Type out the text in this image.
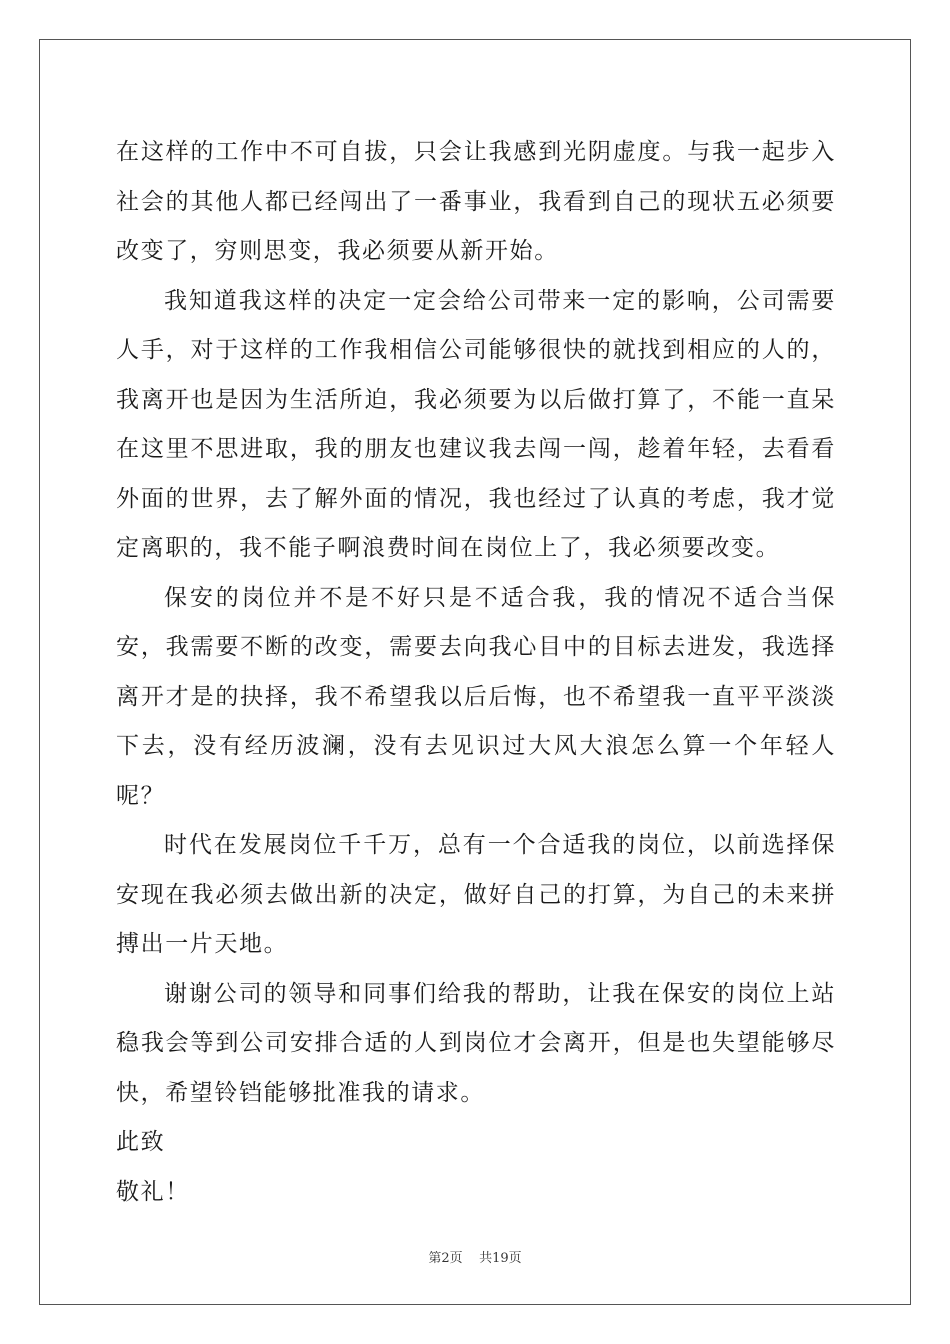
在这样的工作中不可自拔，只会让我感到光阴虚度。与我一起步入社会的其他人都已经闯出了一番事业，我看到自己的现状五必须要改变了，穷则思变，我必须要从新开始。

我知道我这样的决定一定会给公司带来一定的影响，公司需要人手，对于这样的工作我相信公司能够很快的就找到相应的人的，我离开也是因为生活所迫，我必须要为以后做打算了，不能一直呆在这里不思进取，我的朋友也建议我去闯一闯，趁着年轻，去看看外面的世界，去了解外面的情况，我也经过了认真的考虑，我才觉定离职的，我不能子啊浪费时间在岗位上了，我必须要改变。

保安的岗位并不是不好只是不适合我，我的情况不适合当保安，我需要不断的改变，需要去向我心目中的目标去进发，我选择离开才是的抉择，我不希望我以后后悔，也不希望我一直平平淡淡下去，没有经历波澜，没有去见识过大风大浪怎么算一个年轻人呢？

时代在发展岗位千千万，总有一个合适我的岗位，以前选择保安现在我必须去做出新的决定，做好自己的打算，为自己的未来拼搏出一片天地。

谢谢公司的领导和同事们给我的帮助，让我在保安的岗位上站稳我会等到公司安排合适的人到岗位才会离开，但是也失望能够尽快，希望铃铛能够批准我的请求。

此致

敬礼！

第2页 共19页
